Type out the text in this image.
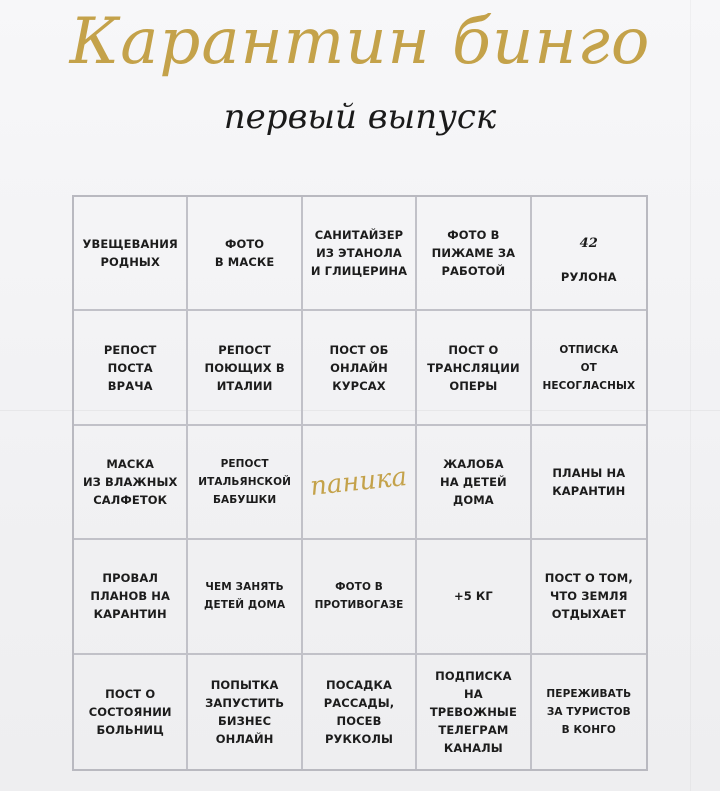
Карантин бинго
первый выпуск
УВЕЩЕВАНИЯ
РОДНЫХ
ФОТО
В МАСКЕ
САНИТАЙЗЕР
ИЗ ЭТАНОЛА
И ГЛИЦЕРИНА
ФОТО В
ПИЖАМЕ ЗА
РАБОТОЙ

42

РУЛОНА

РЕПОСТ
ПОСТА
ВРАЧА
РЕПОСТ
ПОЮЩИХ В
ИТАЛИИ
ПОСТ ОБ
ОНЛАЙН
КУРСАХ
ПОСТ О
ТРАНСЛЯЦИИ
ОПЕРЫ
ОТПИСКА
ОТ
НЕСОГЛАСНЫХ
МАСКА
ИЗ ВЛАЖНЫХ
САЛФЕТОК
РЕПОСТ
ИТАЛЬЯНСКОЙ
БАБУШКИ	паника	ЖАЛОБА
НА ДЕТЕЙ
ДОМА
ПЛАНЫ НА
КАРАНТИН
ПРОВАЛ
ПЛАНОВ НА
КАРАНТИН
ЧЕМ ЗАНЯТЬ
ДЕТЕЙ ДОМА
ФОТО В
ПРОТИВОГАЗЕ
+5 КГ
ПОСТ О ТОМ,
ЧТО ЗЕМЛЯ
ОТДЫХАЕТ
ПОСТ О
СОСТОЯНИИ
БОЛЬНИЦ
ПОПЫТКА
ЗАПУСТИТЬ
БИЗНЕС
ОНЛАЙН
ПОСАДКА
РАССАДЫ,
ПОСЕВ
РУККОЛЫ
ПОДПИСКА
НА
ТРЕВОЖНЫЕ
ТЕЛЕГРАМ
КАНАЛЫ
ПЕРЕЖИВАТЬ
ЗА ТУРИСТОВ
В КОНГО
